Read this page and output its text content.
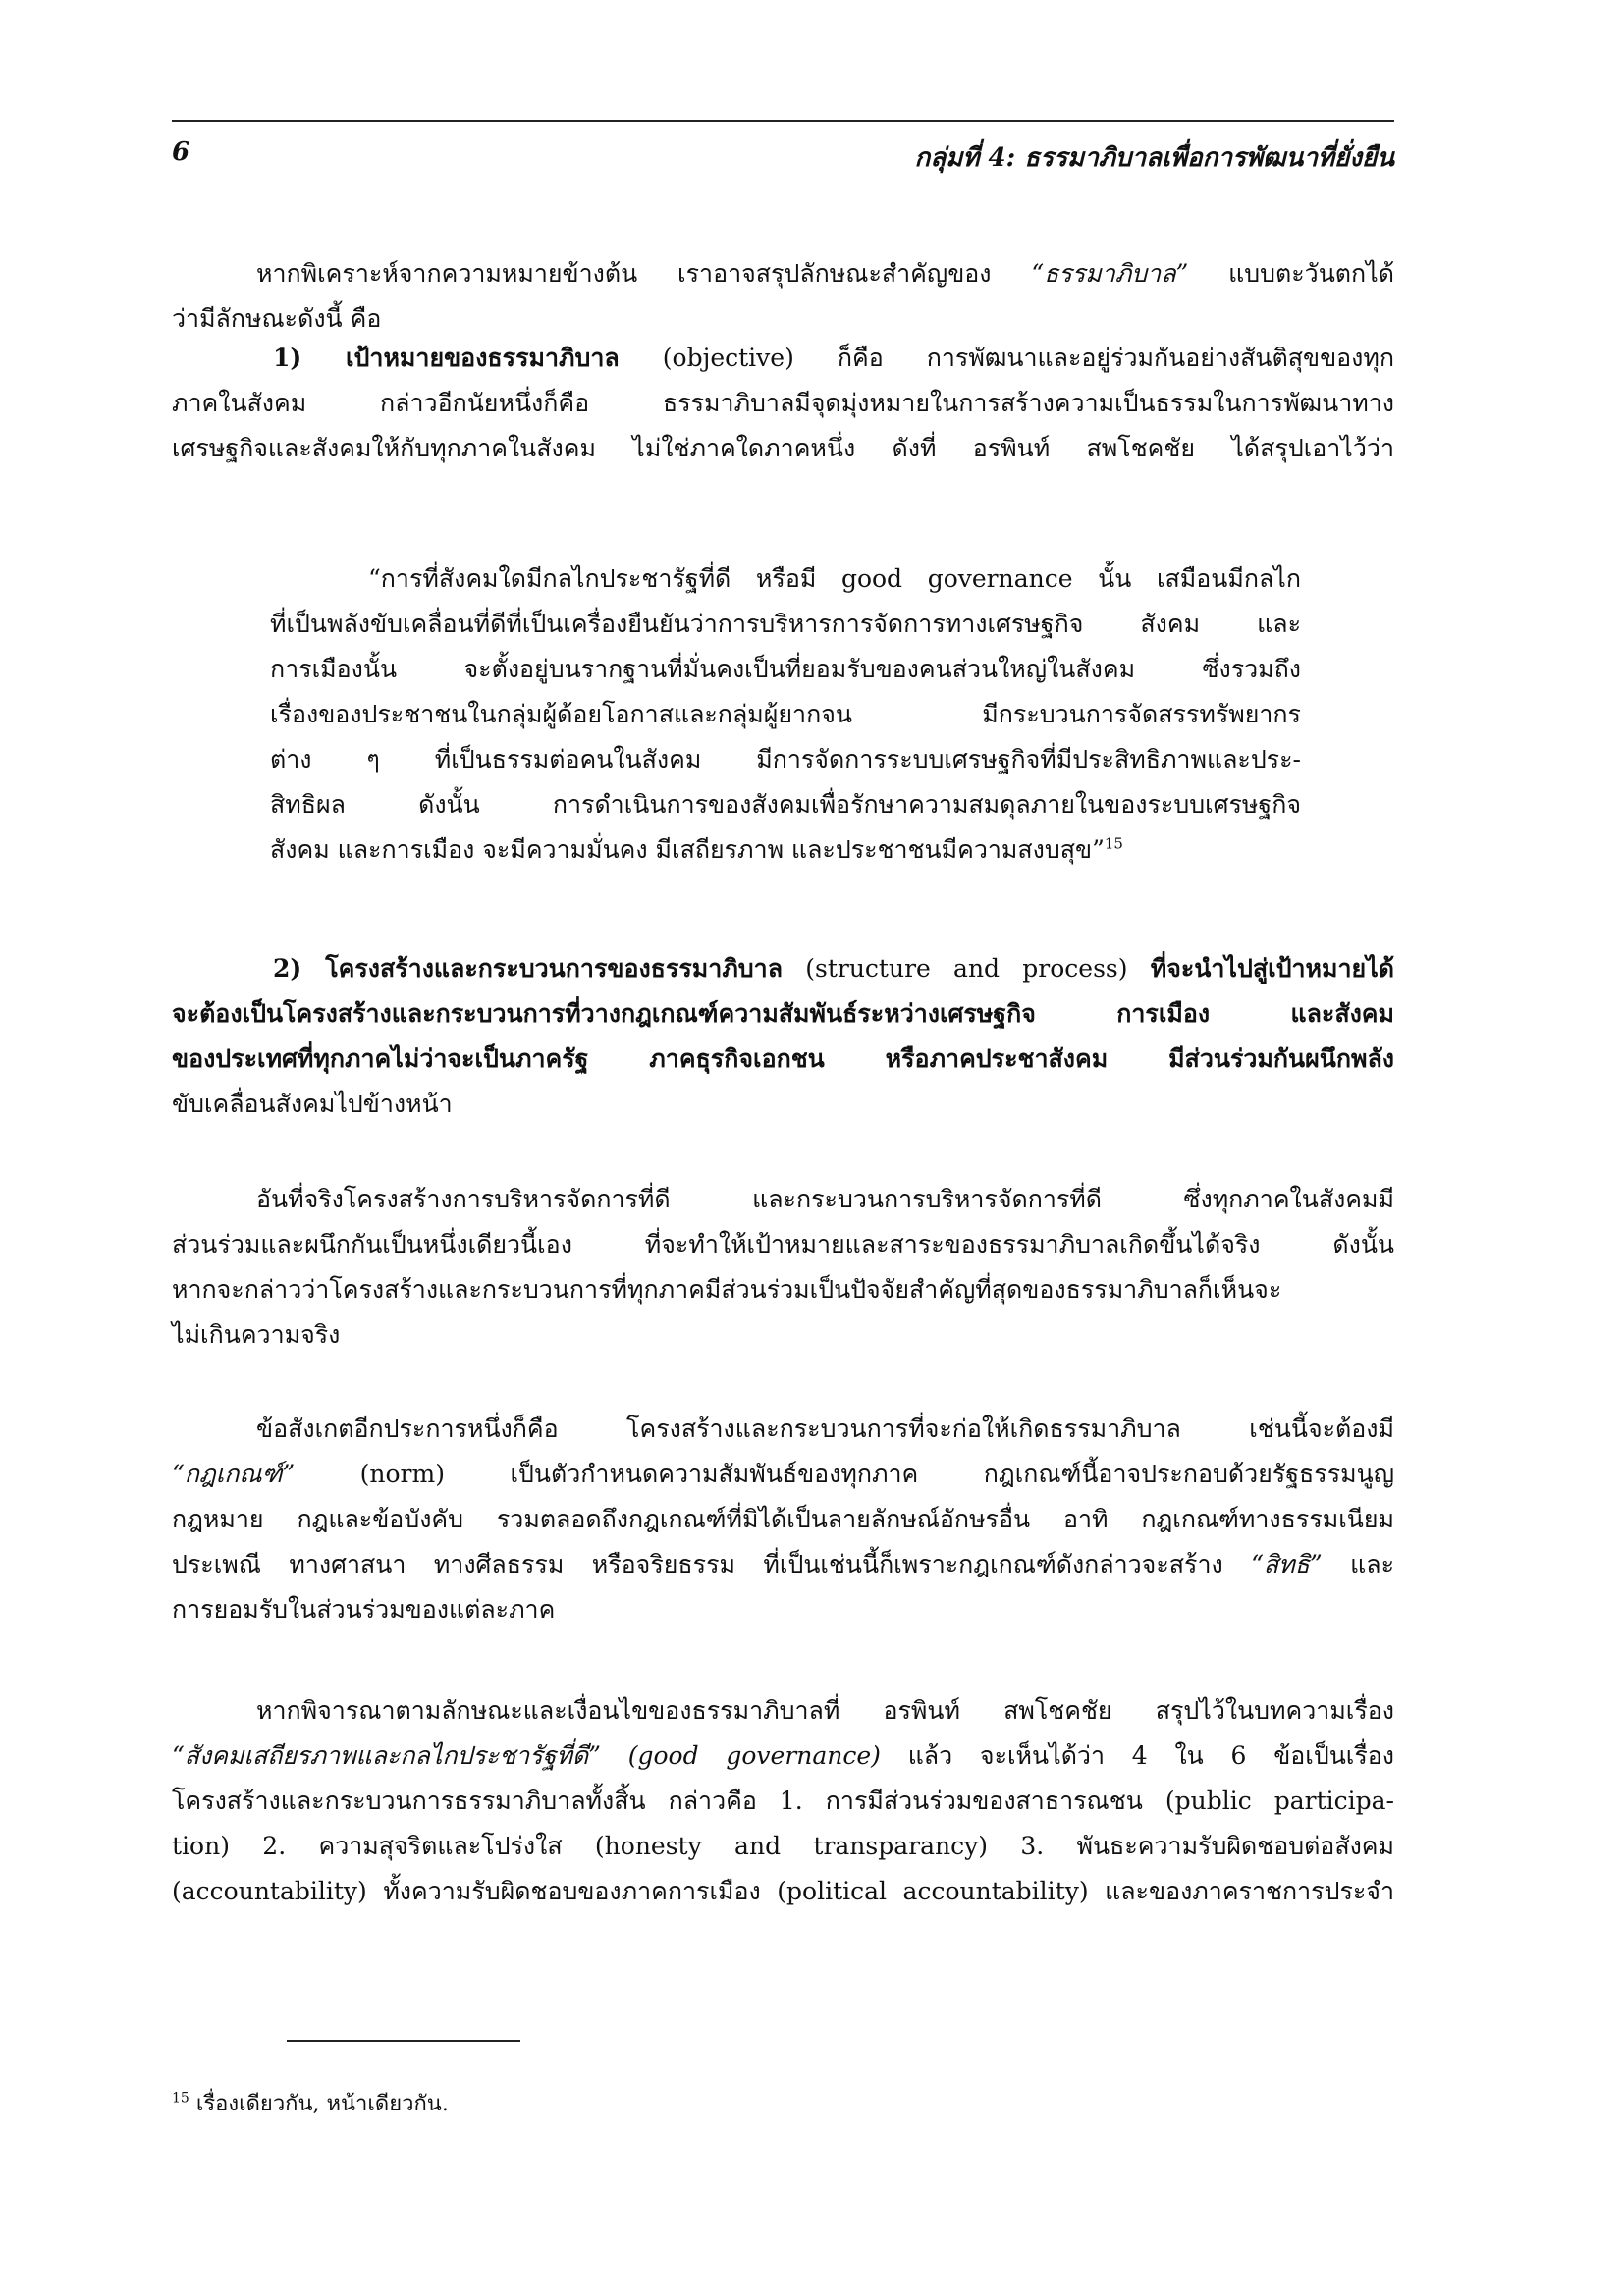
6	กลุ่มที่ 4: ธรรมาภิบาลเพื่อการพัฒนาที่ยั่งยืน
หากพิเคราะห์จากความหมายข้างต้น เราอาจสรุปลักษณะสำคัญของ “ธรรมาภิบาล” แบบตะวันตกได้
ว่ามีลักษณะดังนี้ คือ
1) เป้าหมายของธรรมาภิบาล (objective) ก็คือ การพัฒนาและอยู่ร่วมกันอย่างสันติสุขของทุก
ภาคในสังคม กล่าวอีกนัยหนึ่งก็คือ ธรรมาภิบาลมีจุดมุ่งหมายในการสร้างความเป็นธรรมในการพัฒนาทาง
เศรษฐกิจและสังคมให้กับทุกภาคในสังคม ไม่ใช่ภาคใดภาคหนึ่ง ดังที่ อรพินท์ สพโชคชัย ได้สรุปเอาไว้ว่า
“การที่สังคมใดมีกลไกประชารัฐที่ดี หรือมี good governance นั้น เสมือนมีกลไก
ที่เป็นพลังขับเคลื่อนที่ดีที่เป็นเครื่องยืนยันว่าการบริหารการจัดการทางเศรษฐกิจ สังคม และ
การเมืองนั้น จะตั้งอยู่บนรากฐานที่มั่นคงเป็นที่ยอมรับของคนส่วนใหญ่ในสังคม ซึ่งรวมถึง
เรื่องของประชาชนในกลุ่มผู้ด้อยโอกาสและกลุ่มผู้ยากจน มีกระบวนการจัดสรรทรัพยากร
ต่าง ๆ ที่เป็นธรรมต่อคนในสังคม มีการจัดการระบบเศรษฐกิจที่มีประสิทธิภาพและประ-
สิทธิผล ดังนั้น การดำเนินการของสังคมเพื่อรักษาความสมดุลภายในของระบบเศรษฐกิจ
สังคม และการเมือง จะมีความมั่นคง มีเสถียรภาพ และประชาชนมีความสงบสุข”$^{15}$
2) โครงสร้างและกระบวนการของธรรมาภิบาล (structure and process) ที่จะนำไปสู่เป้าหมายได้
จะต้องเป็นโครงสร้างและกระบวนการที่วางกฎเกณฑ์ความสัมพันธ์ระหว่างเศรษฐกิจ การเมือง และสังคม
ของประเทศที่ทุกภาคไม่ว่าจะเป็นภาครัฐ ภาคธุรกิจเอกชน หรือภาคประชาสังคม มีส่วนร่วมกันผนึกพลัง
ขับเคลื่อนสังคมไปข้างหน้า
อันที่จริงโครงสร้างการบริหารจัดการที่ดี และกระบวนการบริหารจัดการที่ดี ซึ่งทุกภาคในสังคมมี
ส่วนร่วมและผนึกกันเป็นหนึ่งเดียวนี้เอง ที่จะทำให้เป้าหมายและสาระของธรรมาภิบาลเกิดขึ้นได้จริง ดังนั้น
หากจะกล่าวว่าโครงสร้างและกระบวนการที่ทุกภาคมีส่วนร่วมเป็นปัจจัยสำคัญที่สุดของธรรมาภิบาลก็เห็นจะ
ไม่เกินความจริง
ข้อสังเกตอีกประการหนึ่งก็คือ โครงสร้างและกระบวนการที่จะก่อให้เกิดธรรมาภิบาล เช่นนี้จะต้องมี
“กฎเกณฑ์” (norm) เป็นตัวกำหนดความสัมพันธ์ของทุกภาค กฎเกณฑ์นี้อาจประกอบด้วยรัฐธรรมนูญ
กฎหมาย กฎและข้อบังคับ รวมตลอดถึงกฎเกณฑ์ที่มิได้เป็นลายลักษณ์อักษรอื่น อาทิ กฎเกณฑ์ทางธรรมเนียม
ประเพณี ทางศาสนา ทางศีลธรรม หรือจริยธรรม ที่เป็นเช่นนี้ก็เพราะกฎเกณฑ์ดังกล่าวจะสร้าง “สิทธิ” และ
การยอมรับในส่วนร่วมของแต่ละภาค
หากพิจารณาตามลักษณะและเงื่อนไขของธรรมาภิบาลที่ อรพินท์ สพโชคชัย สรุปไว้ในบทความเรื่อง
“สังคมเสถียรภาพและกลไกประชารัฐที่ดี” (good governance) แล้ว จะเห็นได้ว่า 4 ใน 6 ข้อเป็นเรื่อง
โครงสร้างและกระบวนการธรรมาภิบาลทั้งสิ้น กล่าวคือ 1. การมีส่วนร่วมของสาธารณชน (public participa-
tion) 2. ความสุจริตและโปร่งใส (honesty and transparancy) 3. พันธะความรับผิดชอบต่อสังคม
(accountability) ทั้งความรับผิดชอบของภาคการเมือง (political accountability) และของภาคราชการประจำ
$^{15}$ เรื่องเดียวกัน, หน้าเดียวกัน.
